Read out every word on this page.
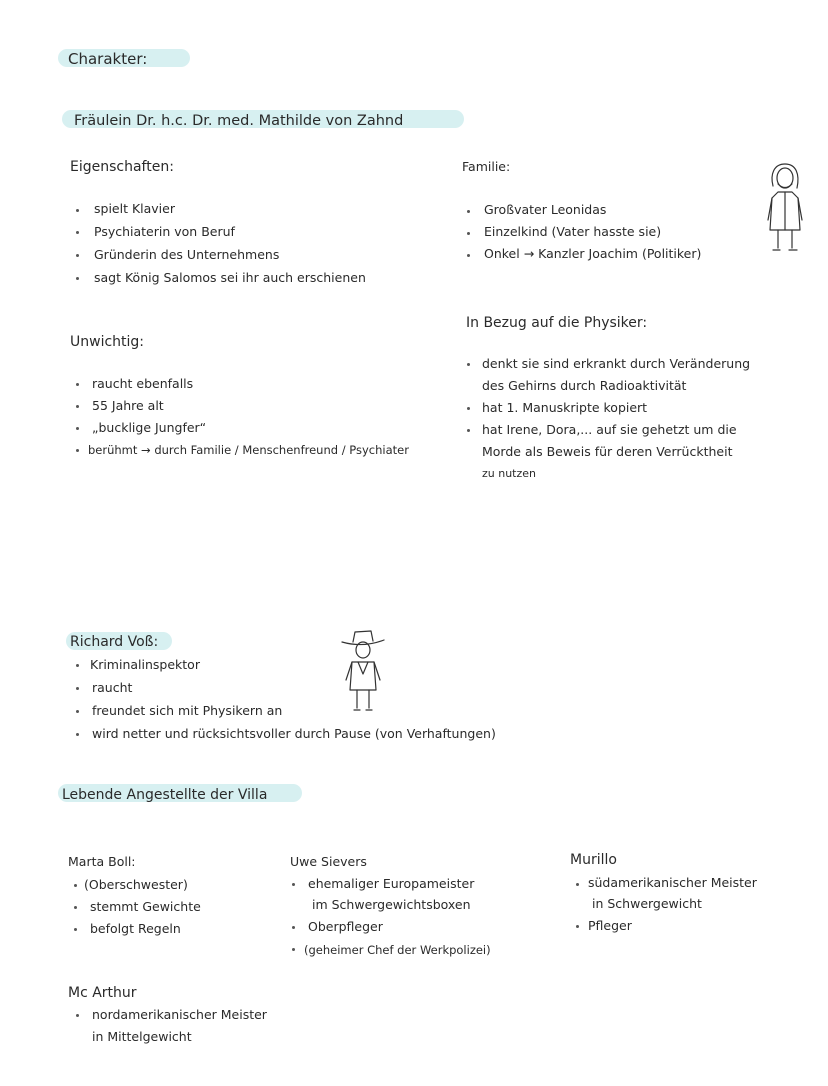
Charakter:
Fräulein Dr. h.c. Dr. med. Mathilde von Zahnd
Eigenschaften:
spielt Klavier
Psychiaterin von Beruf
Gründerin des Unternehmens
sagt König Salomos sei ihr auch erschienen
Unwichtig:
raucht ebenfalls
55 Jahre alt
„bucklige Jungfer“
berühmt → durch Familie / Menschenfreund / Psychiater
Familie:
Großvater Leonidas
Einzelkind (Vater hasste sie)
Onkel → Kanzler Joachim (Politiker)
In Bezug auf die Physiker:
denkt sie sind erkrankt durch Veränderung
des Gehirns durch Radioaktivität
hat 1. Manuskripte kopiert
hat Irene, Dora,... auf sie gehetzt um die
Morde als Beweis für deren Verrücktheit
zu nutzen
Richard Voß:
Kriminalinspektor
raucht
freundet sich mit Physikern an
wird netter und rücksichtsvoller durch Pause (von Verhaftungen)
Lebende Angestellte der Villa
Marta Boll:
(Oberschwester)
stemmt Gewichte
befolgt Regeln
Uwe Sievers
ehemaliger Europameister
im Schwergewichtsboxen
Oberpfleger
(geheimer Chef der Werkpolizei)
Murillo
südamerikanischer Meister
in Schwergewicht
Pfleger
Mc Arthur
nordamerikanischer Meister
in Mittelgewicht
